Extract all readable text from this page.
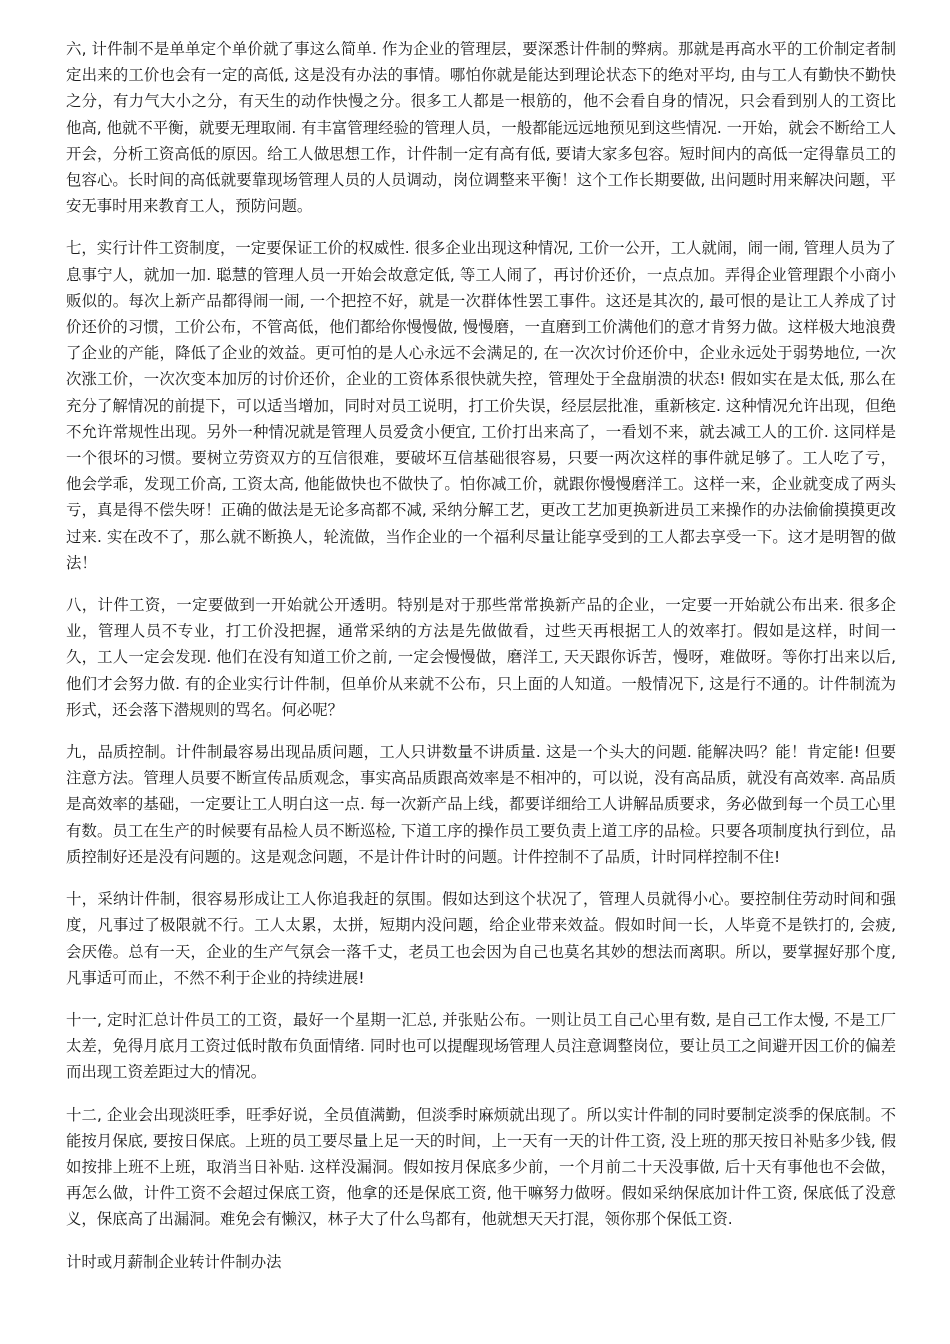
六, 计件制不是单单定个单价就了事这么简单. 作为企业的管理层，要深悉计件制的弊病。那就是再高水平的工价制定者制定出来的工价也会有一定的高低, 这是没有办法的事情。哪怕你就是能达到理论状态下的绝对平均, 由与工人有勤快不勤快之分，有力气大小之分，有天生的动作快慢之分。很多工人都是一根筋的，他不会看自身的情况，只会看到别人的工资比他高, 他就不平衡，就要无理取闹. 有丰富管理经验的管理人员，一般都能远远地预见到这些情况. 一开始，就会不断给工人开会，分析工资高低的原因。给工人做思想工作，计件制一定有高有低, 要请大家多包容。短时间内的高低一定得靠员工的包容心。长时间的高低就要靠现场管理人员的人员调动，岗位调整来平衡！这个工作长期要做, 出问题时用来解决问题，平安无事时用来教育工人，预防问题。

七，实行计件工资制度，一定要保证工价的权威性. 很多企业出现这种情况, 工价一公开，工人就闹，闹一闹, 管理人员为了息事宁人，就加一加. 聪慧的管理人员一开始会故意定低, 等工人闹了，再讨价还价，一点点加。弄得企业管理跟个小商小贩似的。每次上新产品都得闹一闹, 一个把控不好，就是一次群体性罢工事件。这还是其次的, 最可恨的是让工人养成了讨价还价的习惯，工价公布，不管高低，他们都给你慢慢做, 慢慢磨，一直磨到工价满他们的意才肯努力做。这样极大地浪费了企业的产能，降低了企业的效益。更可怕的是人心永远不会满足的, 在一次次讨价还价中，企业永远处于弱势地位, 一次次涨工价，一次次变本加厉的讨价还价，企业的工资体系很快就失控，管理处于全盘崩溃的状态! 假如实在是太低, 那么在充分了解情况的前提下，可以适当增加，同时对员工说明，打工价失误，经层层批准，重新核定. 这种情况允许出现，但绝不允许常规性出现。另外一种情况就是管理人员爱贪小便宜, 工价打出来高了，一看划不来，就去减工人的工价. 这同样是一个很坏的习惯。要树立劳资双方的互信很难，要破坏互信基础很容易，只要一两次这样的事件就足够了。工人吃了亏，他会学乖，发现工价高, 工资太高, 他能做快也不做快了。怕你减工价，就跟你慢慢磨洋工。这样一来，企业就变成了两头亏，真是得不偿失呀！正确的做法是无论多高都不减, 采纳分解工艺，更改工艺加更换新进员工来操作的办法偷偷摸摸更改过来. 实在改不了，那么就不断换人，轮流做，当作企业的一个福利尽量让能享受到的工人都去享受一下。这才是明智的做法！

八，计件工资，一定要做到一开始就公开透明。特别是对于那些常常换新产品的企业，一定要一开始就公布出来. 很多企业，管理人员不专业，打工价没把握，通常采纳的方法是先做做看，过些天再根据工人的效率打。假如是这样，时间一久，工人一定会发现. 他们在没有知道工价之前, 一定会慢慢做，磨洋工, 天天跟你诉苦，慢呀，难做呀。等你打出来以后, 他们才会努力做. 有的企业实行计件制，但单价从来就不公布，只上面的人知道。一般情况下, 这是行不通的。计件制流为形式，还会落下潜规则的骂名。何必呢？

九，品质控制。计件制最容易出现品质问题，工人只讲数量不讲质量. 这是一个头大的问题. 能解决吗？能！肯定能! 但要注意方法。管理人员要不断宣传品质观念，事实高品质跟高效率是不相冲的，可以说，没有高品质，就没有高效率. 高品质是高效率的基础，一定要让工人明白这一点. 每一次新产品上线，都要详细给工人讲解品质要求，务必做到每一个员工心里有数。员工在生产的时候要有品检人员不断巡检, 下道工序的操作员工要负责上道工序的品检。只要各项制度执行到位，品质控制好还是没有问题的。这是观念问题，不是计件计时的问题。计件控制不了品质，计时同样控制不住!

十，采纳计件制，很容易形成让工人你追我赶的氛围。假如达到这个状况了，管理人员就得小心。要控制住劳动时间和强度，凡事过了极限就不行。工人太累，太拼，短期内没问题，给企业带来效益。假如时间一长，人毕竟不是铁打的, 会疲, 会厌倦。总有一天，企业的生产气氛会一落千丈，老员工也会因为自己也莫名其妙的想法而离职。所以，要掌握好那个度, 凡事适可而止，不然不利于企业的持续进展!

十一, 定时汇总计件员工的工资，最好一个星期一汇总, 并张贴公布。一则让员工自己心里有数, 是自己工作太慢, 不是工厂太差，免得月底月工资过低时散布负面情绪. 同时也可以提醒现场管理人员注意调整岗位，要让员工之间避开因工价的偏差而出现工资差距过大的情况。

十二, 企业会出现淡旺季，旺季好说，全员值满勤，但淡季时麻烦就出现了。所以实计件制的同时要制定淡季的保底制。不能按月保底, 要按日保底。上班的员工要尽量上足一天的时间，上一天有一天的计件工资, 没上班的那天按日补贴多少钱, 假如按排上班不上班，取消当日补贴. 这样没漏洞。假如按月保底多少前，一个月前二十天没事做, 后十天有事他也不会做，再怎么做，计件工资不会超过保底工资，他拿的还是保底工资, 他干嘛努力做呀。假如采纳保底加计件工资, 保底低了没意义，保底高了出漏洞。难免会有懒汉，林子大了什么鸟都有，他就想天天打混，领你那个保低工资.

计时或月薪制企业转计件制办法
